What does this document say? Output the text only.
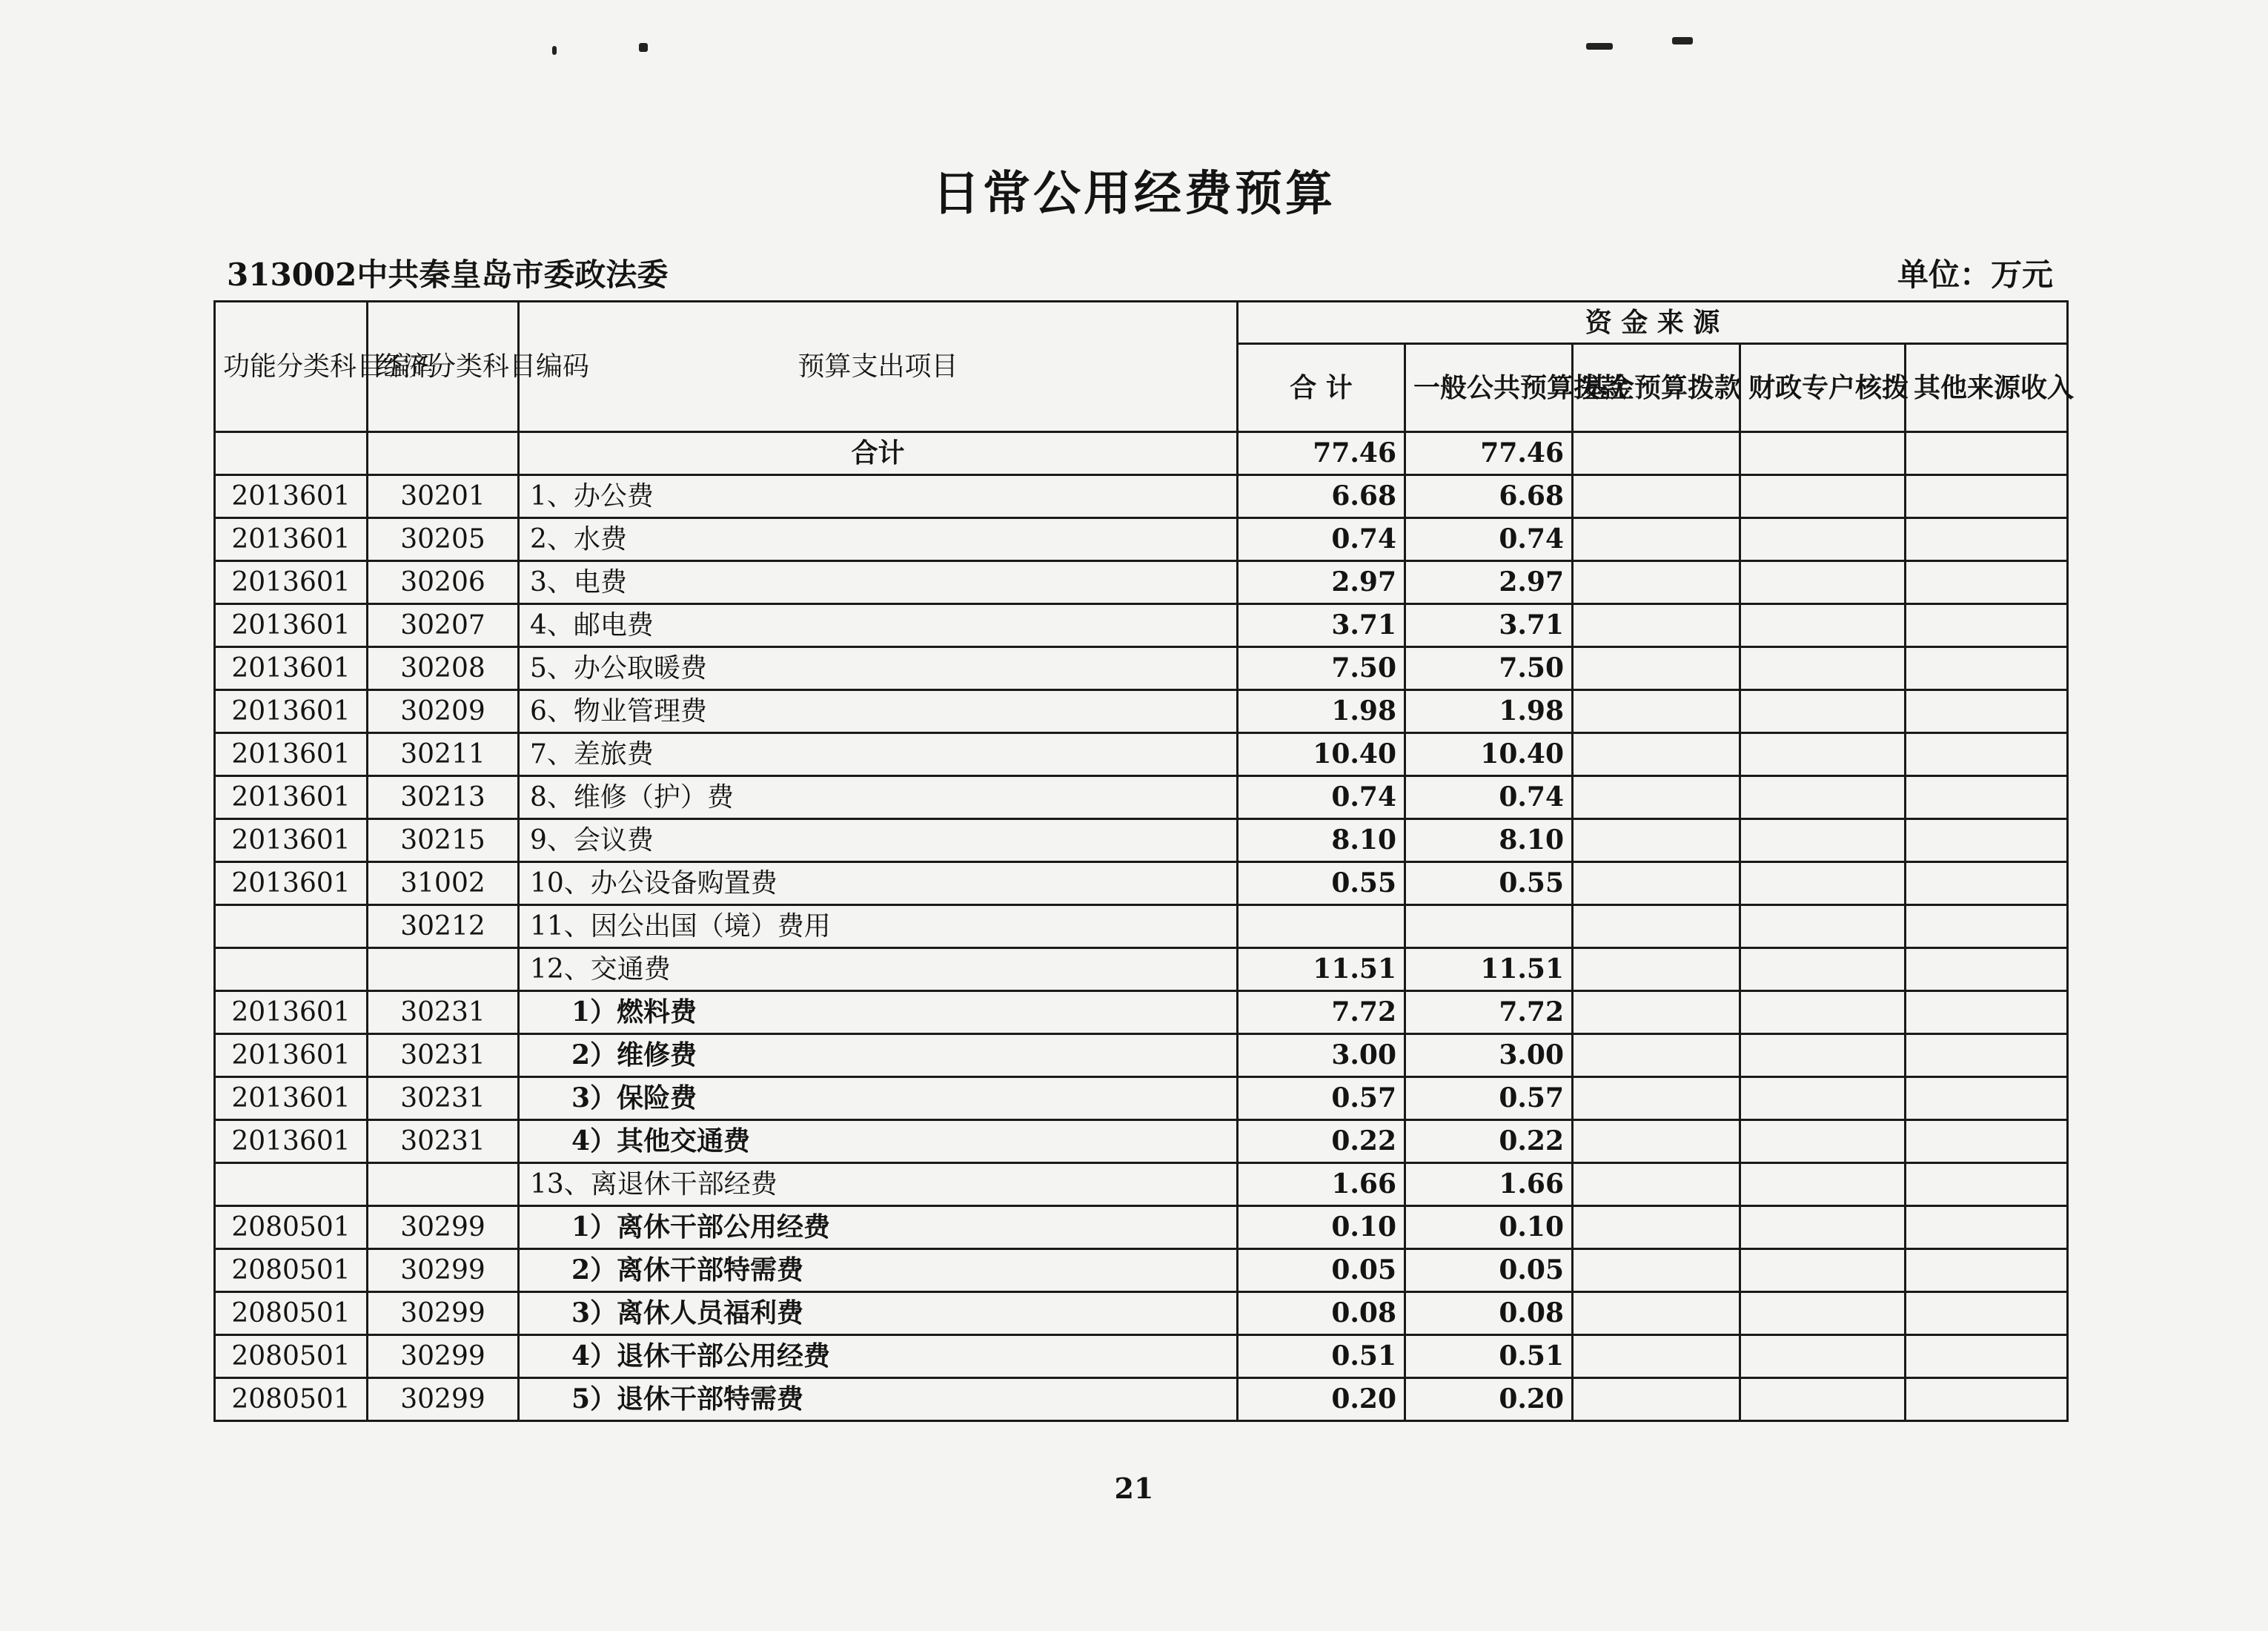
日常公用经费预算
313002中共秦皇岛市委政法委	单位：万元
功能分类科目编码	经济分类科目编码	预算支出项目	资 金 来 源				
			合 计	一般公共预算拨款	基金预算拨款	财政专户核拨	其他来源收入
		合计	77.46	77.46			
2013601	30201	1、办公费	6.68	6.68			
2013601	30205	2、水费	0.74	0.74			
2013601	30206	3、电费	2.97	2.97			
2013601	30207	4、邮电费	3.71	3.71			
2013601	30208	5、办公取暖费	7.50	7.50			
2013601	30209	6、物业管理费	1.98	1.98			
2013601	30211	7、差旅费	10.40	10.40			
2013601	30213	8、维修（护）费	0.74	0.74			
2013601	30215	9、会议费	8.10	8.10			
2013601	31002	10、办公设备购置费	0.55	0.55			
	30212	11、因公出国（境）费用					
		12、交通费	11.51	11.51			
2013601	30231	1）燃料费	7.72	7.72			
2013601	30231	2）维修费	3.00	3.00			
2013601	30231	3）保险费	0.57	0.57			
2013601	30231	4）其他交通费	0.22	0.22			
		13、离退休干部经费	1.66	1.66			
2080501	30299	1）离休干部公用经费	0.10	0.10			
2080501	30299	2）离休干部特需费	0.05	0.05			
2080501	30299	3）离休人员福利费	0.08	0.08			
2080501	30299	4）退休干部公用经费	0.51	0.51			
2080501	30299	5）退休干部特需费	0.20	0.20			
21
